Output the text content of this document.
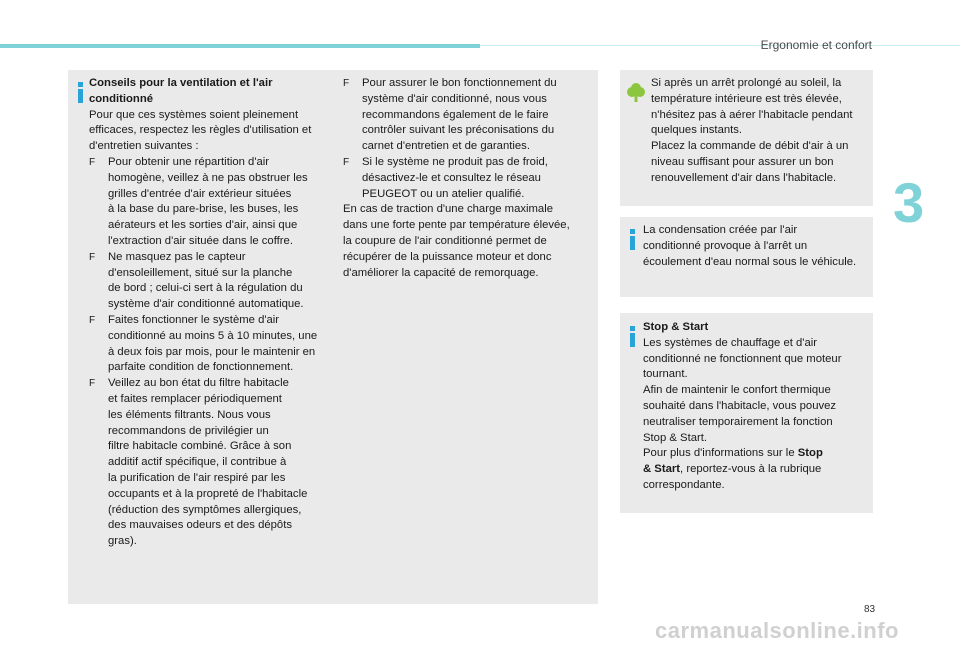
Ergonomie et confort
3

Conseils pour la ventilation et l'air

conditionné

Pour que ces systèmes soient pleinement

efficaces, respectez les règles d'utilisation et

d'entretien suivantes :

F Pour obtenir une répartition d'air

homogène, veillez à ne pas obstruer les

grilles d'entrée d'air extérieur situées

à la base du pare-brise, les buses, les

aérateurs et les sorties d'air, ainsi que

l'extraction d'air située dans le coffre.

F Ne masquez pas le capteur

d'ensoleillement, situé sur la planche

de bord ; celui-ci sert à la régulation du

système d'air conditionné automatique.

F Faites fonctionner le système d'air

conditionné au moins 5 à 10 minutes, une

à deux fois par mois, pour le maintenir en

parfaite condition de fonctionnement.

F Veillez au bon état du filtre habitacle

et faites remplacer périodiquement

les éléments filtrants. Nous vous

recommandons de privilégier un

filtre habitacle combiné. Grâce à son

additif actif spécifique, il contribue à

la purification de l'air respiré par les

occupants et à la propreté de l'habitacle

(réduction des symptômes allergiques,

des mauvaises odeurs et des dépôts

gras).

F Pour assurer le bon fonctionnement du

système d'air conditionné, nous vous

recommandons également de le faire

contrôler suivant les préconisations du

carnet d'entretien et de garanties.

F Si le système ne produit pas de froid,

désactivez-le et consultez le réseau

PEUGEOT ou un atelier qualifié.

En cas de traction d'une charge maximale

dans une forte pente par température élevée,

la coupure de l'air conditionné permet de

récupérer de la puissance moteur et donc

d'améliorer la capacité de remorquage.

Si après un arrêt prolongé au soleil, la

température intérieure est très élevée,

n'hésitez pas à aérer l'habitacle pendant

quelques instants.

Placez la commande de débit d'air à un

niveau suffisant pour assurer un bon

renouvellement d'air dans l'habitacle.

La condensation créée par l'air

conditionné provoque à l'arrêt un

écoulement d'eau normal sous le véhicule.

Stop & Start

Les systèmes de chauffage et d'air

conditionné ne fonctionnent que moteur

tournant.

Afin de maintenir le confort thermique

souhaité dans l'habitacle, vous pouvez

neutraliser temporairement la fonction

Stop & Start.

Pour plus d'informations sur le Stop

& Start, reportez-vous à la rubrique

correspondante.

83
carmanualsonline.info
